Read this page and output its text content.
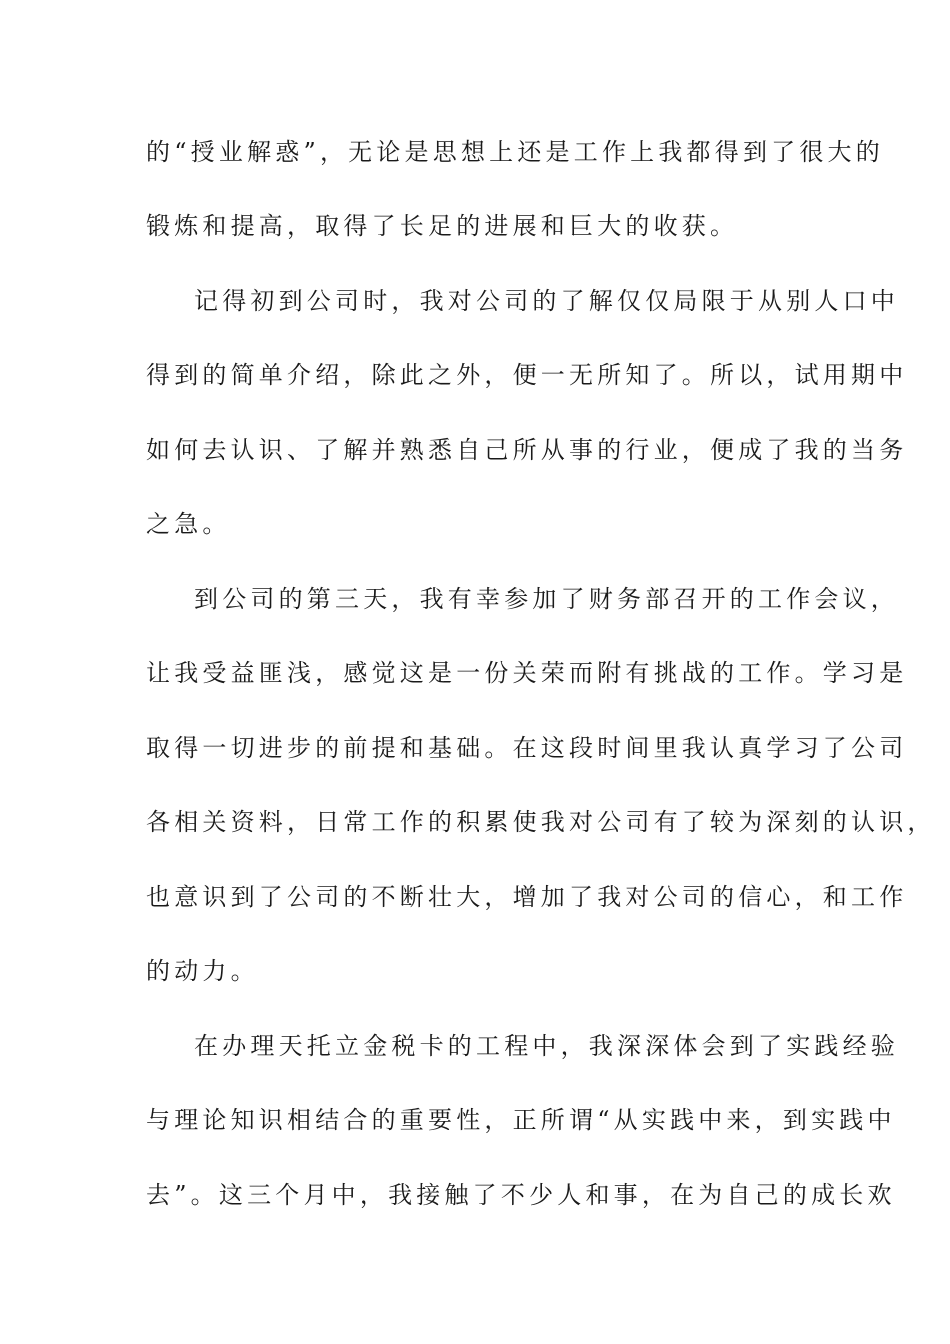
的“授业解惑”，无论是思想上还是工作上我都得到了很大的
锻炼和提高，取得了长足的进展和巨大的收获。
记得初到公司时，我对公司的了解仅仅局限于从别人口中
得到的简单介绍，除此之外，便一无所知了。所以，试用期中
如何去认识、了解并熟悉自己所从事的行业，便成了我的当务
之急。
到公司的第三天，我有幸参加了财务部召开的工作会议，
让我受益匪浅，感觉这是一份关荣而附有挑战的工作。学习是
取得一切进步的前提和基础。在这段时间里我认真学习了公司
各相关资料，日常工作的积累使我对公司有了较为深刻的认识，
也意识到了公司的不断壮大，增加了我对公司的信心，和工作
的动力。
在办理天托立金税卡的工程中，我深深体会到了实践经验
与理论知识相结合的重要性，正所谓“从实践中来，到实践中
去”。这三个月中，我接触了不少人和事，在为自己的成长欢
